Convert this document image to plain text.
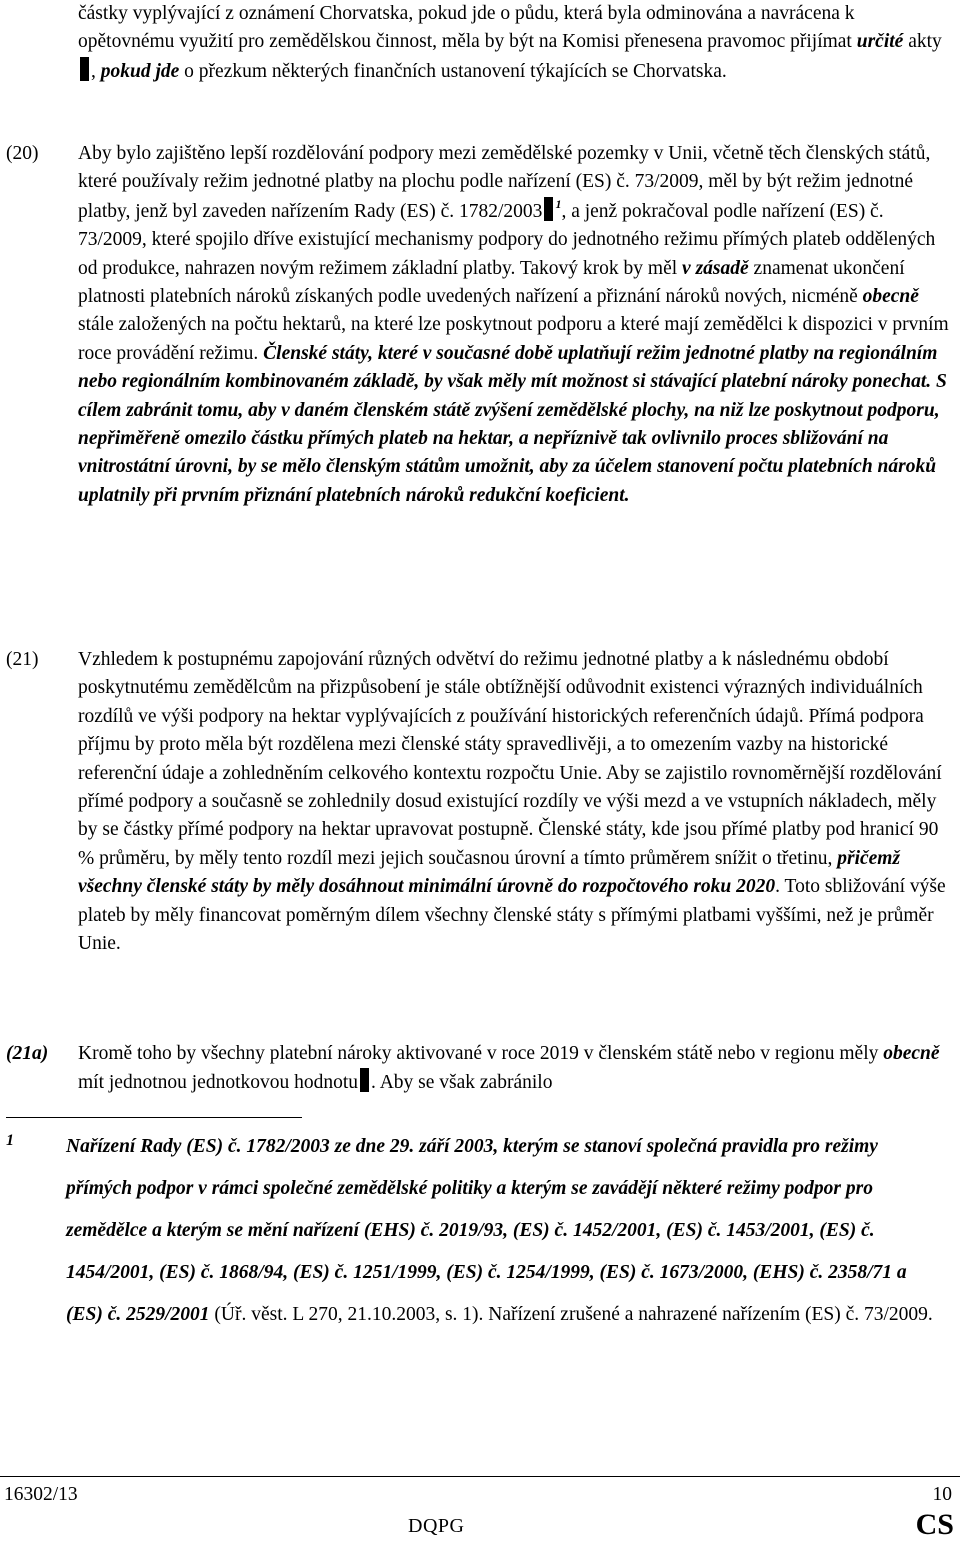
částky vyplývající z oznámení Chorvatska, pokud jde o půdu, která byla odminována a navrácena k opětovnému využití pro zemědělskou činnost, měla by být na Komisi přenesena pravomoc přijímat určité akty, pokud jde o přezkum některých finančních ustanovení týkajících se Chorvatska.
(20) Aby bylo zajištěno lepší rozdělování podpory mezi zemědělské pozemky v Unii, včetně těch členských států, které používaly režim jednotné platby na plochu podle nařízení (ES) č. 73/2009, měl by být režim jednotné platby, jenž byl zaveden nařízením Rady (ES) č. 1782/2003 $^1$, a jenž pokračoval podle nařízení (ES) č. 73/2009, které spojilo dříve existující mechanismy podpory do jednotného režimu přímých plateb oddělených od produkce, nahrazen novým režimem základní platby. Takový krok by měl v zásadě znamenat ukončení platnosti platebních nároků získaných podle uvedených nařízení a přiznání nároků nových, nicméně obecně stále založených na počtu hektarů, na které lze poskytnout podporu a které mají zemědělci k dispozici v prvním roce provádění režimu. Členské státy, které v současné době uplatňují režim jednotné platby na regionálním nebo regionálním kombinovaném základě, by však měly mít možnost si stávající platební nároky ponechat. S cílem zabránit tomu, aby v daném členském státě zvýšení zemědělské plochy, na niž lze poskytnout podporu, nepřiměřeně omezilo částku přímých plateb na hektar, a nepříznivě tak ovlivnilo proces sbližování na vnitrostátní úrovni, by se mělo členským státům umožnit, aby za účelem stanovení počtu platebních nároků uplatnily při prvním přiznání platebních nároků redukční koeficient.
(21) Vzhledem k postupnému zapojování různých odvětví do režimu jednotné platby a k následnému období poskytnutému zemědělcům na přizpůsobení je stále obtížnější odůvodnit existenci výrazných individuálních rozdílů ve výši podpory na hektar vyplývajících z používání historických referenčních údajů. Přímá podpora příjmu by proto měla být rozdělena mezi členské státy spravedlivěji, a to omezením vazby na historické referenční údaje a zohledněním celkového kontextu rozpočtu Unie. Aby se zajistilo rovnoměrnější rozdělování přímé podpory a současně se zohlednily dosud existující rozdíly ve výši mezd a ve vstupních nákladech, měly by se částky přímé podpory na hektar upravovat postupně. Členské státy, kde jsou přímé platby pod hranicí 90 % průměru, by měly tento rozdíl mezi jejich současnou úrovní a tímto průměrem snížit o třetinu, přičemž všechny členské státy by měly dosáhnout minimální úrovně do rozpočtového roku 2020. Toto sbližování výše plateb by měly financovat poměrným dílem všechny členské státy s přímými platbami vyššími, než je průměr Unie.
(21a) Kromě toho by všechny platební nároky aktivované v roce 2019 v členském státě nebo v regionu měly obecně mít jednotnou jednotkovou hodnotu . Aby se však zabránilo
1	Nařízení Rady (ES) č. 1782/2003 ze dne 29. září 2003, kterým se stanoví společná pravidla pro režimy přímých podpor v rámci společné zemědělské politiky a kterým se zavádějí některé režimy podpor pro zemědělce a kterým se mění nařízení (EHS) č. 2019/93, (ES) č. 1452/2001, (ES) č. 1453/2001, (ES) č. 1454/2001, (ES) č. 1868/94, (ES) č. 1251/1999, (ES) č. 1254/1999, (ES) č. 1673/2000, (EHS) č. 2358/71 a (ES) č. 2529/2001 (Úř. věst. L 270, 21.10.2003, s. 1). Nařízení zrušené a nahrazené nařízením (ES) č. 73/2009.
16302/13	10
DQPG	CS
